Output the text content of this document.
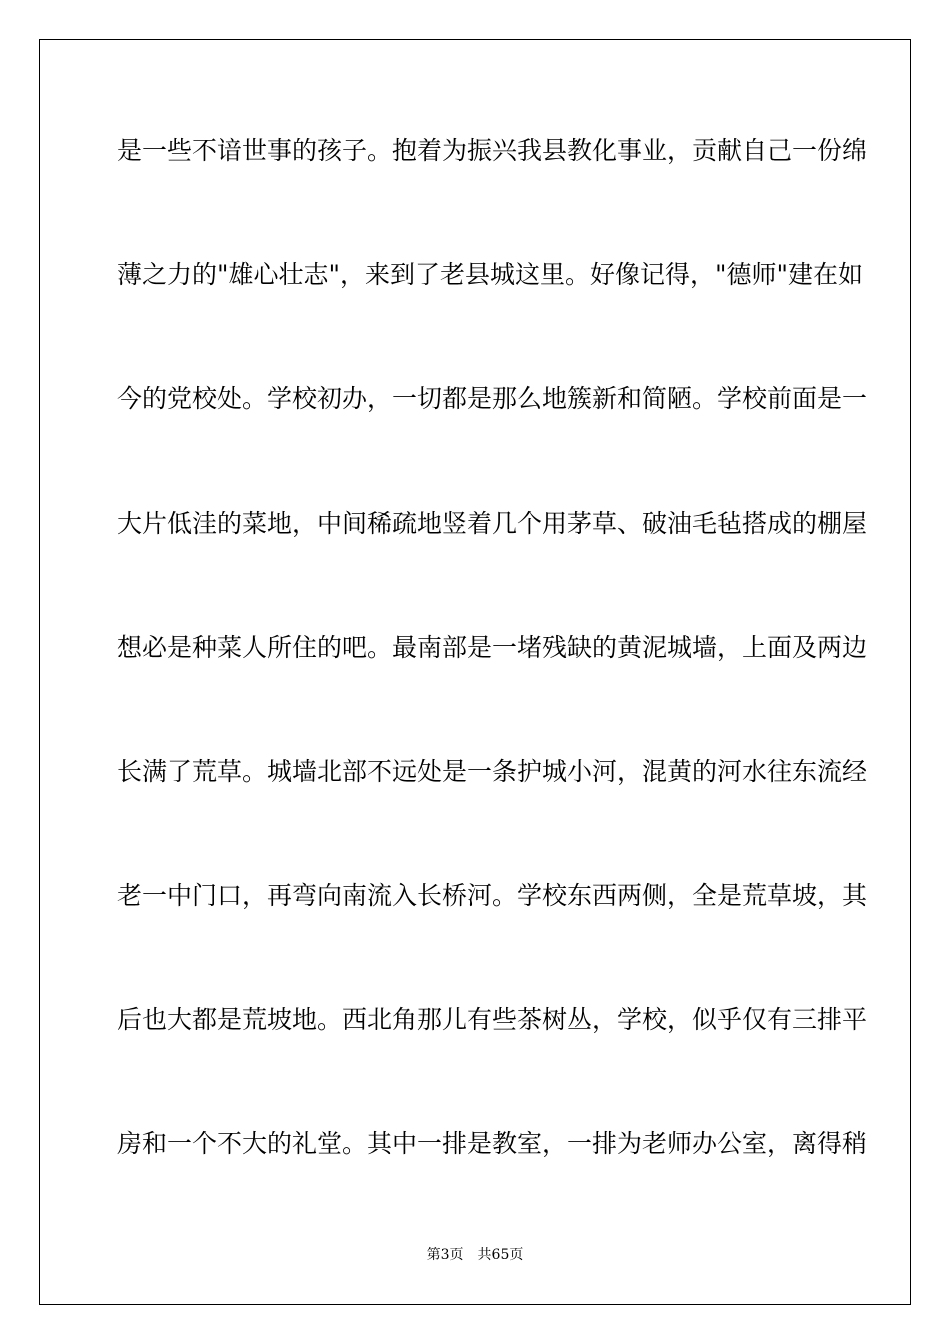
是一些不谙世事的孩子。抱着为振兴我县教化事业，贡献自己一份绵
薄之力的"雄心壮志"，来到了老县城这里。好像记得，"德师"建在如
今的党校处。学校初办，一切都是那么地簇新和简陋。学校前面是一
大片低洼的菜地，中间稀疏地竖着几个用茅草、破油毛毡搭成的棚屋
想必是种菜人所住的吧。最南部是一堵残缺的黄泥城墙，上面及两边
长满了荒草。城墙北部不远处是一条护城小河，混黄的河水往东流经
老一中门口，再弯向南流入长桥河。学校东西两侧，全是荒草坡，其
后也大都是荒坡地。西北角那儿有些茶树丛，学校，似乎仅有三排平
房和一个不大的礼堂。其中一排是教室，一排为老师办公室，离得稍
第3页　共65页
